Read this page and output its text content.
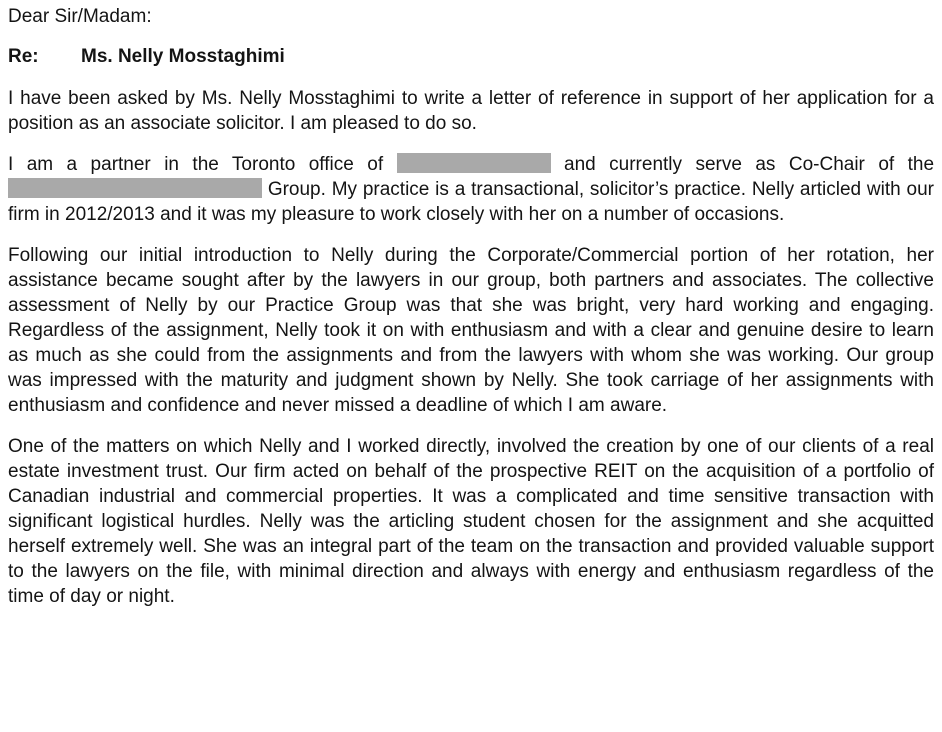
Dear Sir/Madam:
Re: Ms. Nelly Mosstaghimi
I have been asked by Ms. Nelly Mosstaghimi to write a letter of reference in support of her application for a position as an associate solicitor. I am pleased to do so.
I am a partner in the Toronto office of	and currently serve as Co-Chair of the  Group. My practice is a transactional, solicitor’s practice. Nelly articled with our firm in 2012/2013 and it was my pleasure to work closely with her on a number of occasions.
Following our initial introduction to Nelly during the Corporate/Commercial portion of her rotation, her assistance became sought after by the lawyers in our group, both partners and associates. The collective assessment of Nelly by our Practice Group was that she was bright, very hard working and engaging. Regardless of the assignment, Nelly took it on with enthusiasm and with a clear and genuine desire to learn as much as she could from the assignments and from the lawyers with whom she was working. Our group was impressed with the maturity and judgment shown by Nelly. She took carriage of her assignments with enthusiasm and confidence and never missed a deadline of which I am aware.
One of the matters on which Nelly and I worked directly, involved the creation by one of our clients of a real estate investment trust. Our firm acted on behalf of the prospective REIT on the acquisition of a portfolio of Canadian industrial and commercial properties. It was a complicated and time sensitive transaction with significant logistical hurdles. Nelly was the articling student chosen for the assignment and she acquitted herself extremely well. She was an integral part of the team on the transaction and provided valuable support to the lawyers on the file, with minimal direction and always with energy and enthusiasm regardless of the time of day or night.
